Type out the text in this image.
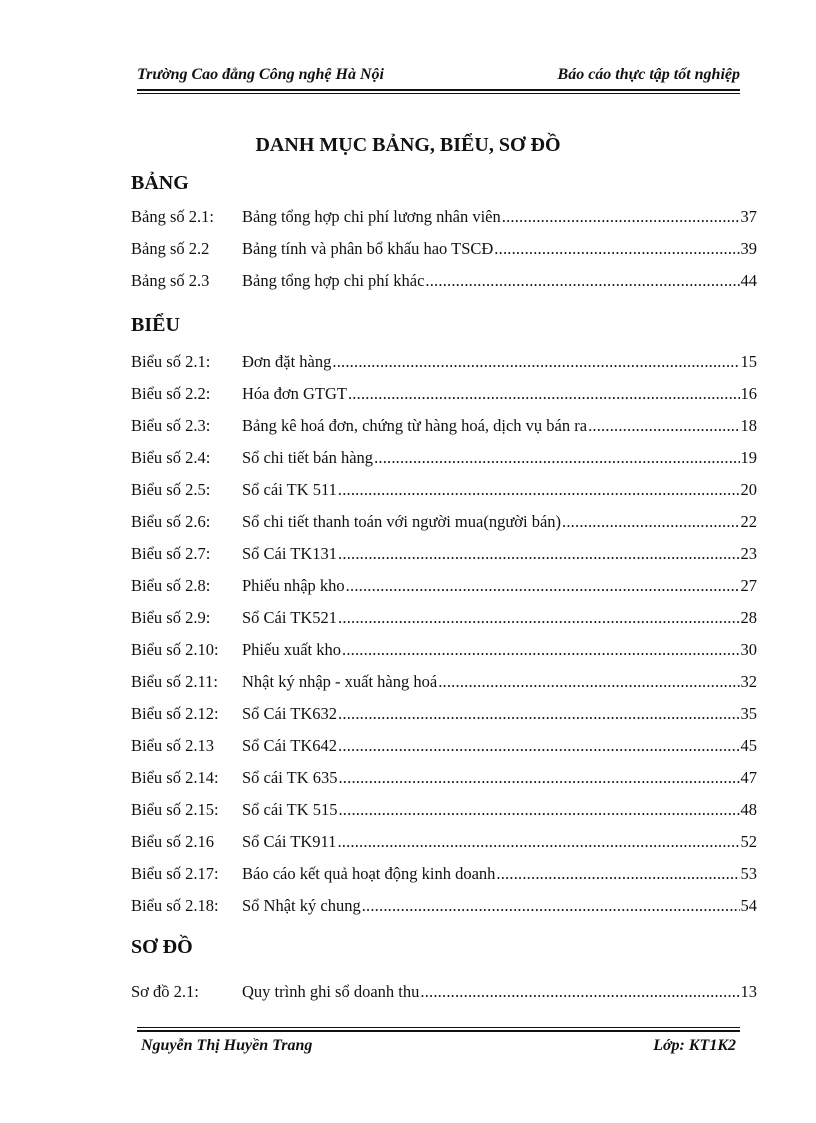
Trường Cao đẳng Công nghệ Hà Nội	Báo cáo thực tập tốt nghiệp
DANH MỤC BẢNG, BIỂU, SƠ ĐỒ
BẢNG
Bảng số 2.1:	Bảng tổng hợp chi phí lương nhân viên .....	37
Bảng số 2.2	Bảng tính và phân bổ khấu hao TSCĐ .....	39
Bảng số 2.3	Bảng tổng hợp chi phí khác .....	44
BIỂU
Biểu số 2.1:	Đơn đặt hàng .....	15
Biểu số 2.2:	Hóa đơn GTGT .....	16
Biểu số 2.3:	Bảng kê hoá đơn, chứng từ hàng hoá, dịch vụ bán ra .....	18
Biểu số 2.4:	Sổ chi tiết bán hàng .....	19
Biểu số 2.5:	Sổ cái TK 511 .....	20
Biểu số 2.6:	Sổ chi tiết thanh toán với người mua(người bán) .....	22
Biểu số 2.7:	Sổ Cái TK131 .....	23
Biểu số 2.8:	Phiếu nhập kho .....	27
Biểu số 2.9:	Sổ Cái TK521 .....	28
Biểu số 2.10:	Phiếu xuất kho .....	30
Biểu số 2.11:	Nhật ký nhập - xuất hàng hoá .....	32
Biểu số 2.12:	Sổ Cái TK632 .....	35
Biểu số 2.13	Sổ Cái TK642 .....	45
Biểu số 2.14:	Sổ cái TK 635 .....	47
Biểu số 2.15:	Sổ cái TK 515 .....	48
Biểu số 2.16	Sổ Cái TK911 .....	52
Biểu số 2.17:	Báo cáo kết quả hoạt động kinh doanh .....	53
Biểu số 2.18:	Sổ Nhật ký chung .....	54
SƠ ĐỒ
Sơ đồ 2.1:	Quy trình ghi sổ doanh thu .....	13
Nguyễn Thị Huyền Trang	Lớp: KT1K2
